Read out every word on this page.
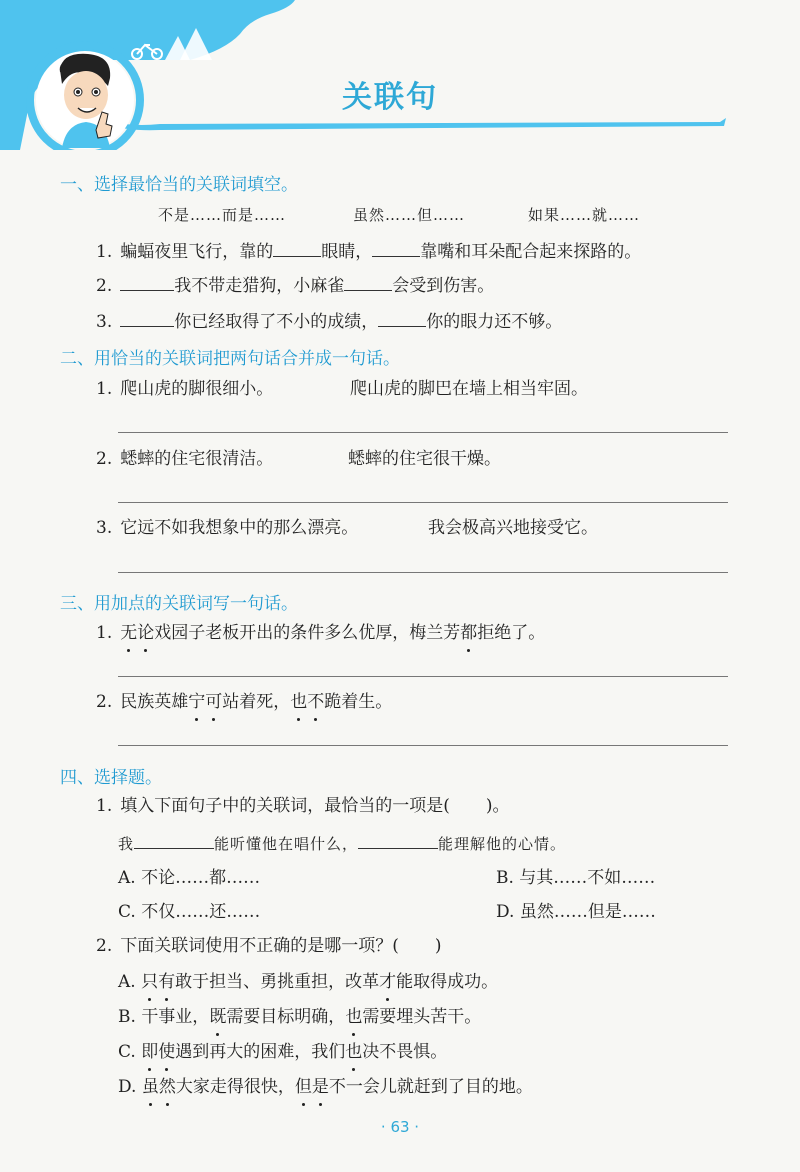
关联句
一、选择最恰当的关联词填空。
不是……而是……	虽然……但……	如果……就……
1. 蝙蝠夜里飞行，靠的	眼睛，	靠嘴和耳朵配合起来探路的。
2.	我不带走猎狗，小麻雀	会受到伤害。
3.	你已经取得了不小的成绩，	你的眼力还不够。
二、用恰当的关联词把两句话合并成一句话。
1. 爬山虎的脚很细小。	爬山虎的脚巴在墙上相当牢固。
2. 蟋蟀的住宅很清洁。	蟋蟀的住宅很干燥。
3. 它远不如我想象中的那么漂亮。	我会极高兴地接受它。
三、用加点的关联词写一句话。
1. 无论戏园子老板开出的条件多么优厚，梅兰芳都拒绝了。
2. 民族英雄宁可站着死，也不跪着生。
四、选择题。
1. 填入下面句子中的关联词，最恰当的一项是( )。
我	能听懂他在唱什么，	能理解他的心情。
A. 不论……都……	B. 与其……不如……
C. 不仅……还……	D. 虽然……但是……
2. 下面关联词使用不正确的是哪一项？( )
A. 只有敢于担当、勇挑重担，改革才能取得成功。
B. 干事业，既需要目标明确，也需要埋头苦干。
C. 即使遇到再大的困难，我们也决不畏惧。
D. 虽然大家走得很快，但是不一会儿就赶到了目的地。
· 63 ·
